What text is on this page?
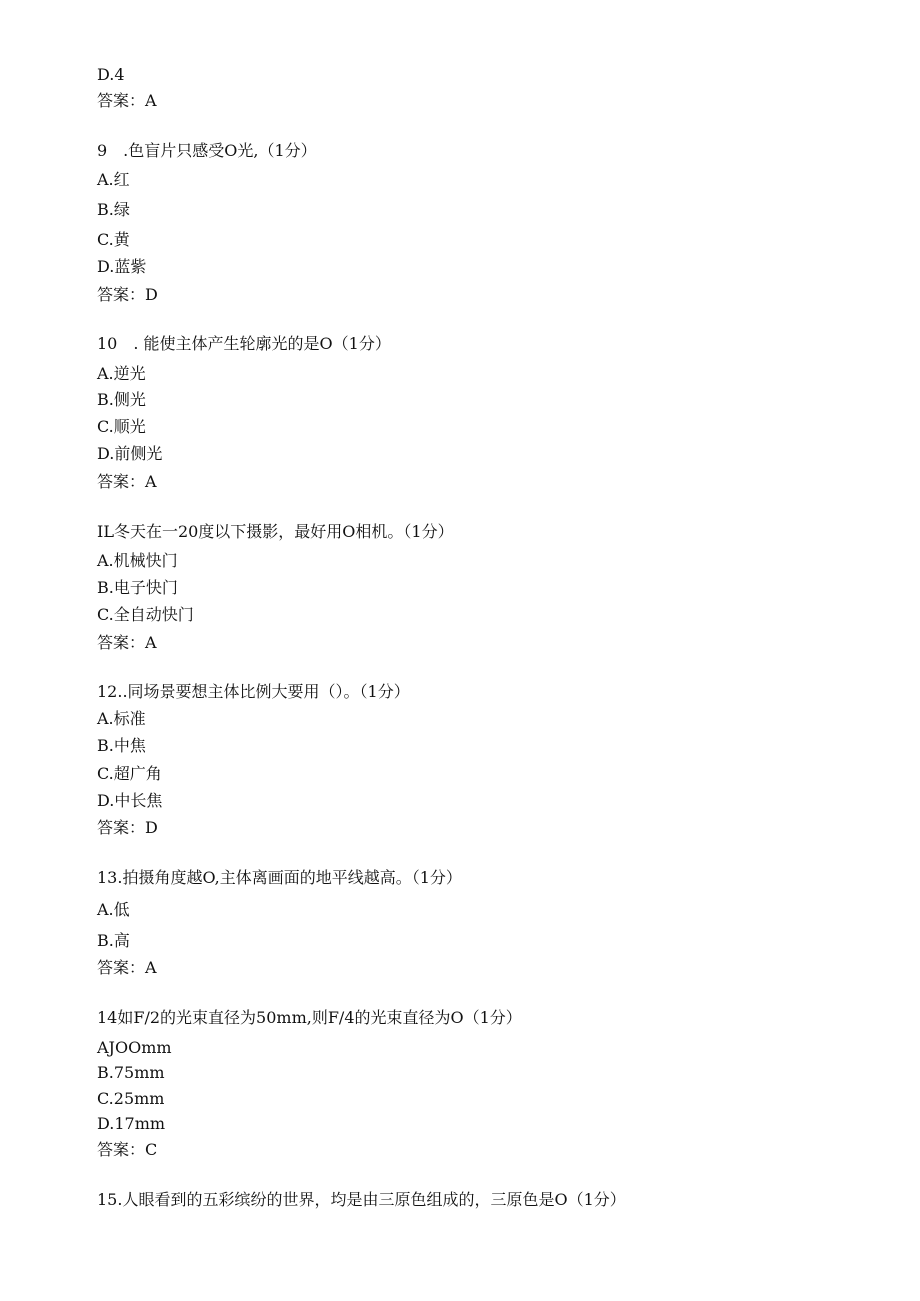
D.4
答案：A
9　.色盲片只感受O光,（1分）
A.红
B.绿
C.黄
D.蓝紫
答案：D
10　. 能使主体产生轮廓光的是O（1分）
A.逆光
B.侧光
C.顺光
D.前侧光
答案：A
IL冬天在一20度以下摄影，最好用O相机。（1分）
A.机械快门
B.电子快门
C.全自动快门
答案：A
12..同场景要想主体比例大要用（）。（1分）
A.标准
B.中焦
C.超广角
D.中长焦
答案：D
13.拍摄角度越O,主体离画面的地平线越高。（1分）
A.低
B.高
答案：A
14如F/2的光束直径为50mm,则F/4的光束直径为O（1分）
AJOOmm
B.75mm
C.25mm
D.17mm
答案：C
15.人眼看到的五彩缤纷的世界，均是由三原色组成的，三原色是O（1分）
